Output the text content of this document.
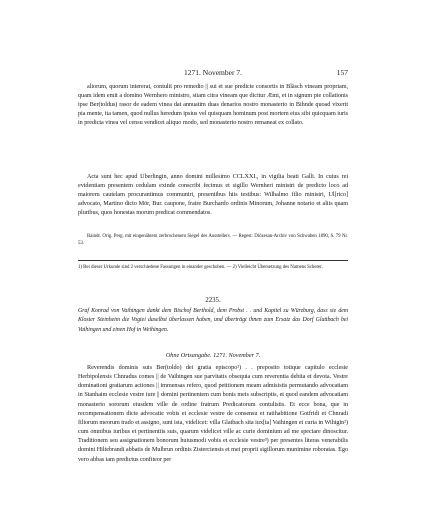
1271. November 7.	157
aliorum, quorum intererat, contulit pro remedio || sui et sue predicte consortis in Bläsch vineam propriam, quam idem emit a domino Wernhero ministro, sitam citra vineam que dicitur Æmi, et in signum pie collationis ipse Ber(toldus) rasor de eadem vinea dat annuatim duas denarios nostro monasterio in Bihnde quoad vixerit pia mente, ita tamen, quod nullus heredum ipsius vel quisquam hominum post mortem eius sibi quicquam iuris in predicta vinea vel censu vendicet aliquo modo, sed monasterio nostro remaneat ex collato.
Acta sunt hec apud Uberlingin, anno domini millesimo CCLXXI., in vigilia beati Galli. In cuius rei evidentiam presentem cedulam exinde conscribi fecimus et sigillo Wernheri ministri de predicto loco ad maiorem cautelam procurantimus communiri, presentibus hiis testibus: Wilhalmo filio ministri, Ul[rico] advocato, Martino dicto Mör, Bur. caupone, fratre Burchardo ordinis Minorum, Johanne notario et aliis quam pluribus, quos honestas morum predicat commendatos.
Baindt. Orig. Perg. mit eingenähtem zerbrochenem Siegel des Ausstellers. — Regest: Diözesan-Archiv von Schwaben 1890, S. 79 Nr. 53.
1) Bei dieser Urkunde sind 2 verschiedene Fassungen in einander geschoben. — 2) Vielleicht Übersetzung des Namens Scherer.
2235.
Graf Konrad von Vaihingen dankt dem Bischof Berthold, dem Probst . . und Kapitel zu Würzburg, dass sie dem Kloster Steinheim die Vogtei daselbst überlassen haben, und überträgt ihnen zum Ersatz das Dorf Glattbach bei Vaihingen und einen Hof in Weihingen.
Ohne Ortsangabe. 1271. November 7.
Reverendis dominis suis Ber(toldo) dei gratia episcopo¹) . . preposito totique capitulo ecclesie Herbipolensis Chnradus comes || de Vaihingen sue parvitatis obsequia cum reverentia debita et devota. Vestre dominationi gratiarum actiones || immensas refero, quod petitionem meam admisistis permutando advocatiam in Stanhaim ecclesie vestre iure || domini pertinentem cum bonis meis subscriptis, et quod eandem advocatiam monasterio sororum eiusdem ville de ordine fratrum Predicatorum contulistis. Et ecce bona, que in recompensationem dicte advocatie vobis et ecclesie vestre de consensu et ratihabitione Gotfridi et Chnradi filiorum meorum trado et assigno, sunt ista, videlicet: villa Glatbach sita iux[ta] Vaihingen et curia in Wihigin²) cum omnibus iuribus et pertinentiis suis, quarum videlicet ville ac curie dominium ad me spectare dinoscitur. Traditionem seu assignationem bonorum huiusmodi vobis et ecclesie vestre³) per presentes literas venerabilis domini Hiltebrandi abbatis de Mulbrun ordinis Zisterciensis et mei proprii sigillorum munimine roboratas. Ego vero abbas iam predictus confiteor per
